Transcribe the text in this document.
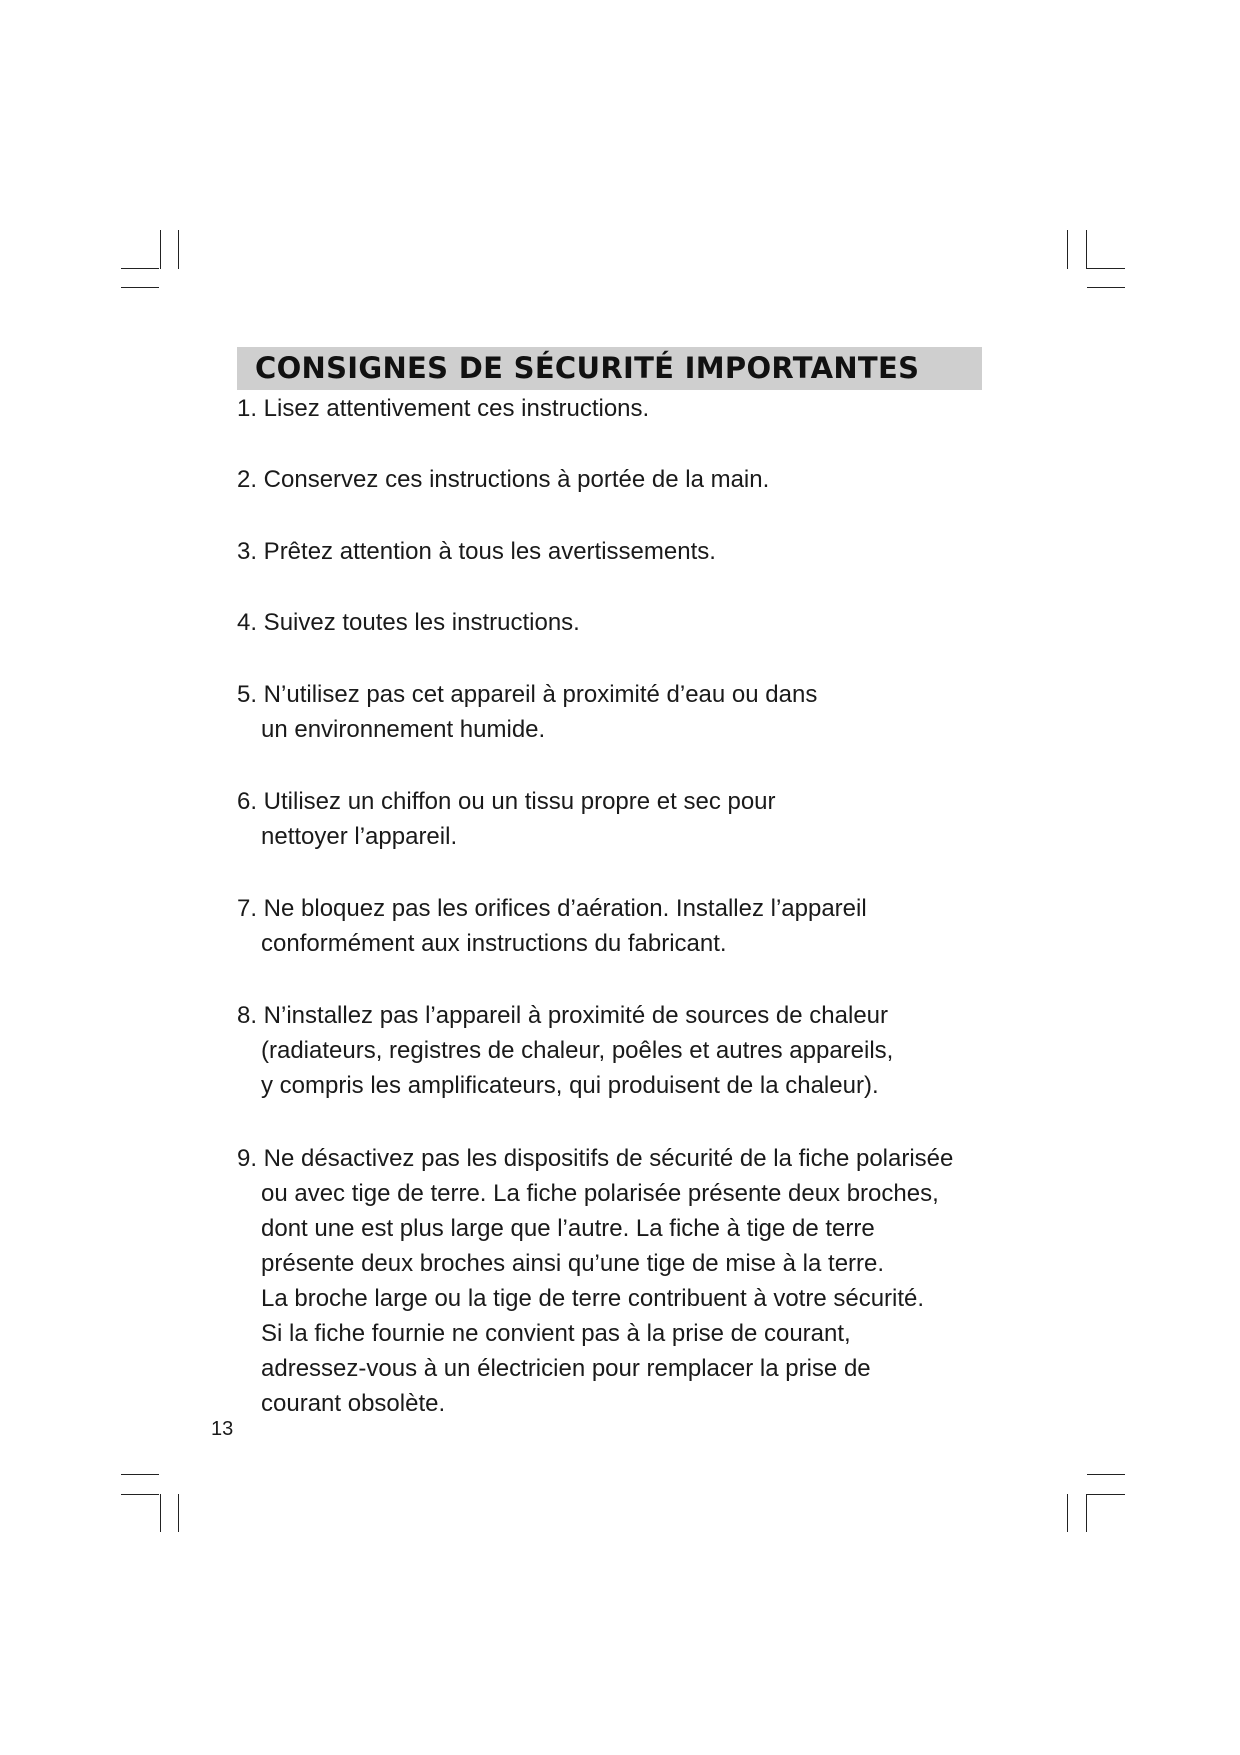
CONSIGNES DE SÉCURITÉ IMPORTANTES
1. Lisez attentivement ces instructions.
2. Conservez ces instructions à portée de la main.
3. Prêtez attention à tous les avertissements.
4. Suivez toutes les instructions.
5. N’utilisez pas cet appareil à proximité d’eau ou dans
un environnement humide.
6. Utilisez un chiffon ou un tissu propre et sec pour
nettoyer l’appareil.
7. Ne bloquez pas les orifices d’aération. Installez l’appareil
conformément aux instructions du fabricant.
8. N’installez pas l’appareil à proximité de sources de chaleur
(radiateurs, registres de chaleur, poêles et autres appareils,
y compris les amplificateurs, qui produisent de la chaleur).
9. Ne désactivez pas les dispositifs de sécurité de la fiche polarisée
ou avec tige de terre. La fiche polarisée présente deux broches,
dont une est plus large que l’autre. La fiche à tige de terre
présente deux broches ainsi qu’une tige de mise à la terre.
La broche large ou la tige de terre contribuent à votre sécurité.
Si la fiche fournie ne convient pas à la prise de courant,
adressez-vous à un électricien pour remplacer la prise de
courant obsolète.
13
